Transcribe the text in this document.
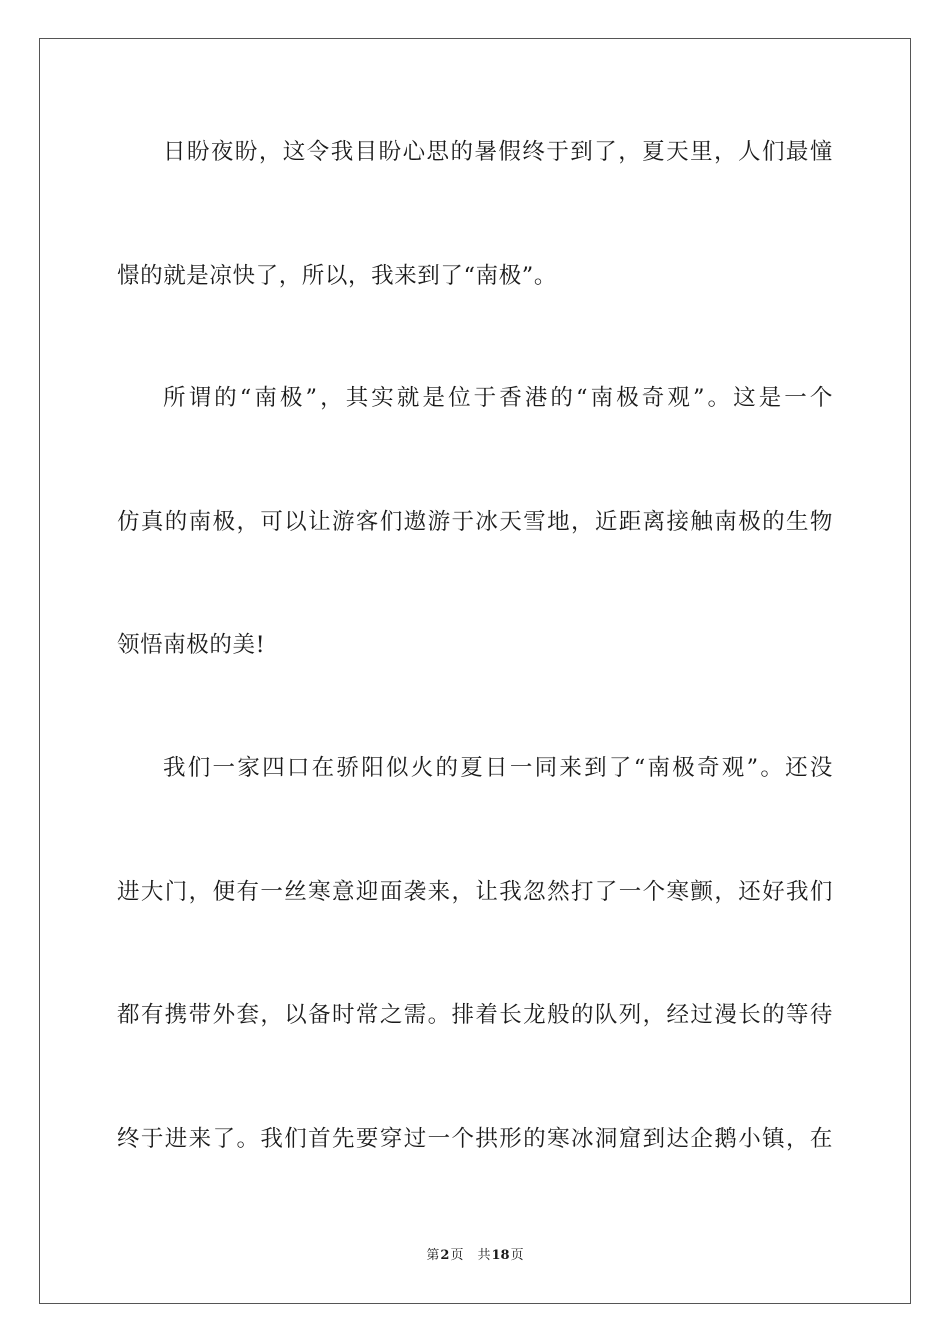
日盼夜盼，这令我目盼心思的暑假终于到了，夏天里，人们最憧
憬的就是凉快了，所以，我来到了“南极”。
所谓的“南极”，其实就是位于香港的“南极奇观”。这是一个
仿真的南极，可以让游客们遨游于冰天雪地，近距离接触南极的生物
领悟南极的美!
我们一家四口在骄阳似火的夏日一同来到了“南极奇观”。还没
进大门，便有一丝寒意迎面袭来，让我忽然打了一个寒颤，还好我们
都有携带外套，以备时常之需。排着长龙般的队列，经过漫长的等待
终于进来了。我们首先要穿过一个拱形的寒冰洞窟到达企鹅小镇，在
第2页 共18页
